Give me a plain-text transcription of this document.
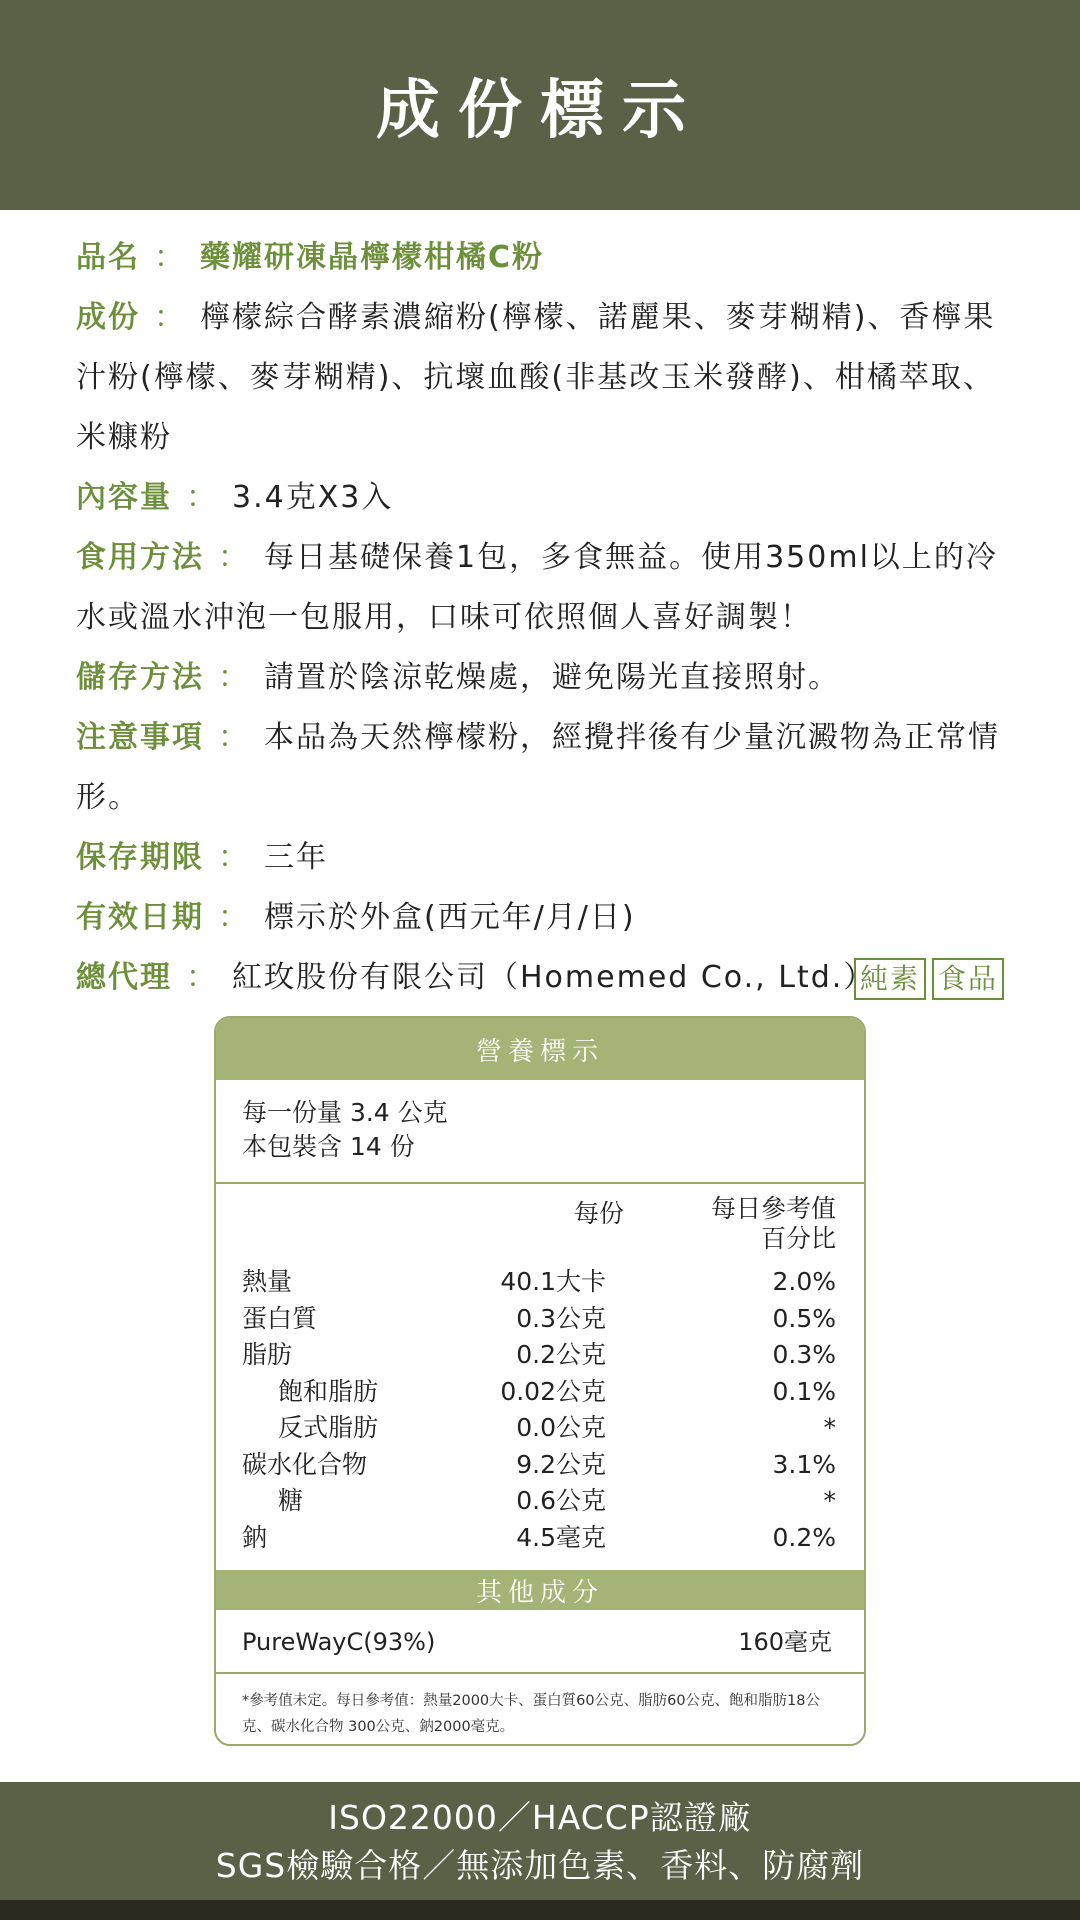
成份標示
品名 ： 藥耀研凍晶檸檬柑橘C粉
成份 ： 檸檬綜合酵素濃縮粉(檸檬、諾麗果、麥芽糊精)、香檸果汁粉(檸檬、麥芽糊精)、抗壞血酸(非基改玉米發酵)、柑橘萃取、米糠粉
內容量 ： 3.4克X3入
食用方法 ： 每日基礎保養1包，多食無益。使用350ml以上的冷水或溫水沖泡一包服用，口味可依照個人喜好調製！
儲存方法 ： 請置於陰涼乾燥處，避免陽光直接照射。
注意事項 ： 本品為天然檸檬粉，經攪拌後有少量沉澱物為正常情形。
保存期限 ： 三年
有效日期 ： 標示於外盒(西元年/月/日)
總代理 ： 紅玫股份有限公司（Homemed Co., Ltd.）
純素 食品
營養標示
每一份量 3.4 公克
本包裝含 14 份
每份	每日參考值
百分比
熱量	40.1大卡	2.0%
蛋白質	0.3公克	0.5%
脂肪	0.2公克	0.3%
飽和脂肪	0.02公克	0.1%
反式脂肪	0.0公克	*
碳水化合物	9.2公克	3.1%
糖	0.6公克	*
鈉	4.5毫克	0.2%
其他成分
PureWayC(93%)	160毫克
*參考值未定。每日參考值：熱量2000大卡、蛋白質60公克、脂肪60公克、飽和脂肪18公克、碳水化合物 300公克、鈉2000毫克。
ISO22000／HACCP認證廠
SGS檢驗合格／無添加色素、香料、防腐劑
